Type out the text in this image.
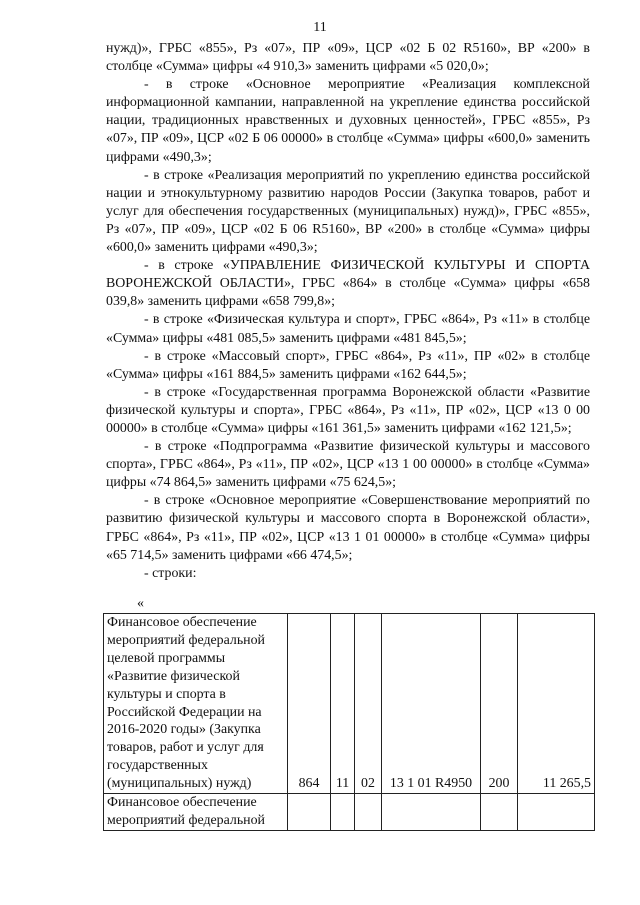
11

нужд)», ГРБС «855», Рз «07», ПР «09», ЦСР «02 Б 02 R5160», ВР «200» в столбце «Сумма» цифры «4 910,3» заменить цифрами «5 020,0»;

- в строке «Основное мероприятие «Реализация комплексной информационной кампании, направленной на укрепление единства российской нации, традиционных нравственных и духовных ценностей», ГРБС «855», Рз «07», ПР «09», ЦСР «02 Б 06 00000» в столбце «Сумма» цифры «600,0» заменить цифрами «490,3»;

- в строке «Реализация мероприятий по укреплению единства российской нации и этнокультурному развитию народов России (Закупка товаров, работ и услуг для обеспечения государственных (муниципальных) нужд)», ГРБС «855», Рз «07», ПР «09», ЦСР «02 Б 06 R5160», ВР «200» в столбце «Сумма» цифры «600,0» заменить цифрами «490,3»;

- в строке «УПРАВЛЕНИЕ ФИЗИЧЕСКОЙ КУЛЬТУРЫ И СПОРТА ВОРОНЕЖСКОЙ ОБЛАСТИ», ГРБС «864» в столбце «Сумма» цифры «658 039,8» заменить цифрами «658 799,8»;

- в строке «Физическая культура и спорт», ГРБС «864», Рз «11» в столбце «Сумма» цифры «481 085,5» заменить цифрами «481 845,5»;

- в строке «Массовый спорт», ГРБС «864», Рз «11», ПР «02» в столбце «Сумма» цифры «161 884,5» заменить цифрами «162 644,5»;

- в строке «Государственная программа Воронежской области «Развитие физической культуры и спорта», ГРБС «864», Рз «11», ПР «02», ЦСР «13 0 00 00000» в столбце «Сумма» цифры «161 361,5» заменить цифрами «162 121,5»;

- в строке «Подпрограмма «Развитие физической культуры и массового спорта», ГРБС «864», Рз «11», ПР «02», ЦСР «13 1 00 00000» в столбце «Сумма» цифры «74 864,5» заменить цифрами «75 624,5»;

- в строке «Основное мероприятие «Совершенствование мероприятий по развитию физической культуры и массового спорта в Воронежской области», ГРБС «864», Рз «11», ПР «02», ЦСР «13 1 01 00000» в столбце «Сумма» цифры «65 714,5» заменить цифрами «66 474,5»;

- строки:

«
Финансовое обеспечение мероприятий федеральной целевой программы «Развитие физической культуры и спорта в Российской Федерации на 2016-2020 годы» (Закупка товаров, работ и услуг для государственных (муниципальных) нужд)	864	11	02	13 1 01 R4950	200	11 265,5
Финансовое обеспечение мероприятий федеральной						
